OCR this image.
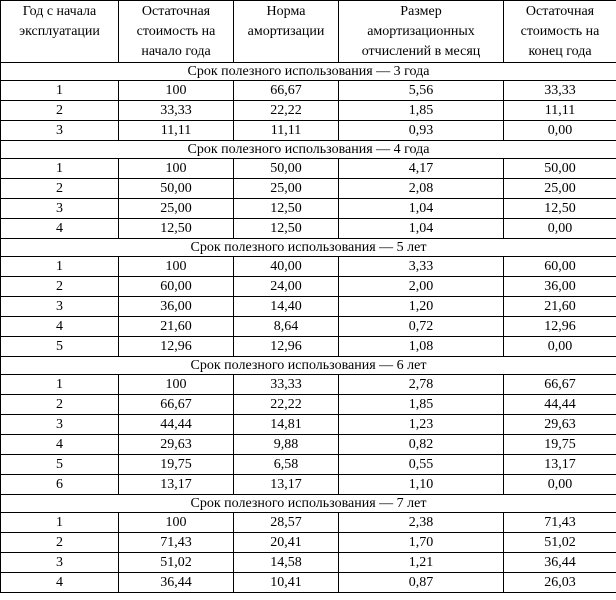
Год с начала эксплуатации	Остаточная стоимость на начало года	Норма амортизации	Размер амортизационных отчислений в месяц	Остаточная стоимость на конец года
Срок полезного использования — 3 года				
1	100	66,67	5,56	33,33
2	33,33	22,22	1,85	11,11
3	11,11	11,11	0,93	0,00
Срок полезного использования — 4 года				
1	100	50,00	4,17	50,00
2	50,00	25,00	2,08	25,00
3	25,00	12,50	1,04	12,50
4	12,50	12,50	1,04	0,00
Срок полезного использования — 5 лет				
1	100	40,00	3,33	60,00
2	60,00	24,00	2,00	36,00
3	36,00	14,40	1,20	21,60
4	21,60	8,64	0,72	12,96
5	12,96	12,96	1,08	0,00
Срок полезного использования — 6 лет				
1	100	33,33	2,78	66,67
2	66,67	22,22	1,85	44,44
3	44,44	14,81	1,23	29,63
4	29,63	9,88	0,82	19,75
5	19,75	6,58	0,55	13,17
6	13,17	13,17	1,10	0,00
Срок полезного использования — 7 лет				
1	100	28,57	2,38	71,43
2	71,43	20,41	1,70	51,02
3	51,02	14,58	1,21	36,44
4	36,44	10,41	0,87	26,03
